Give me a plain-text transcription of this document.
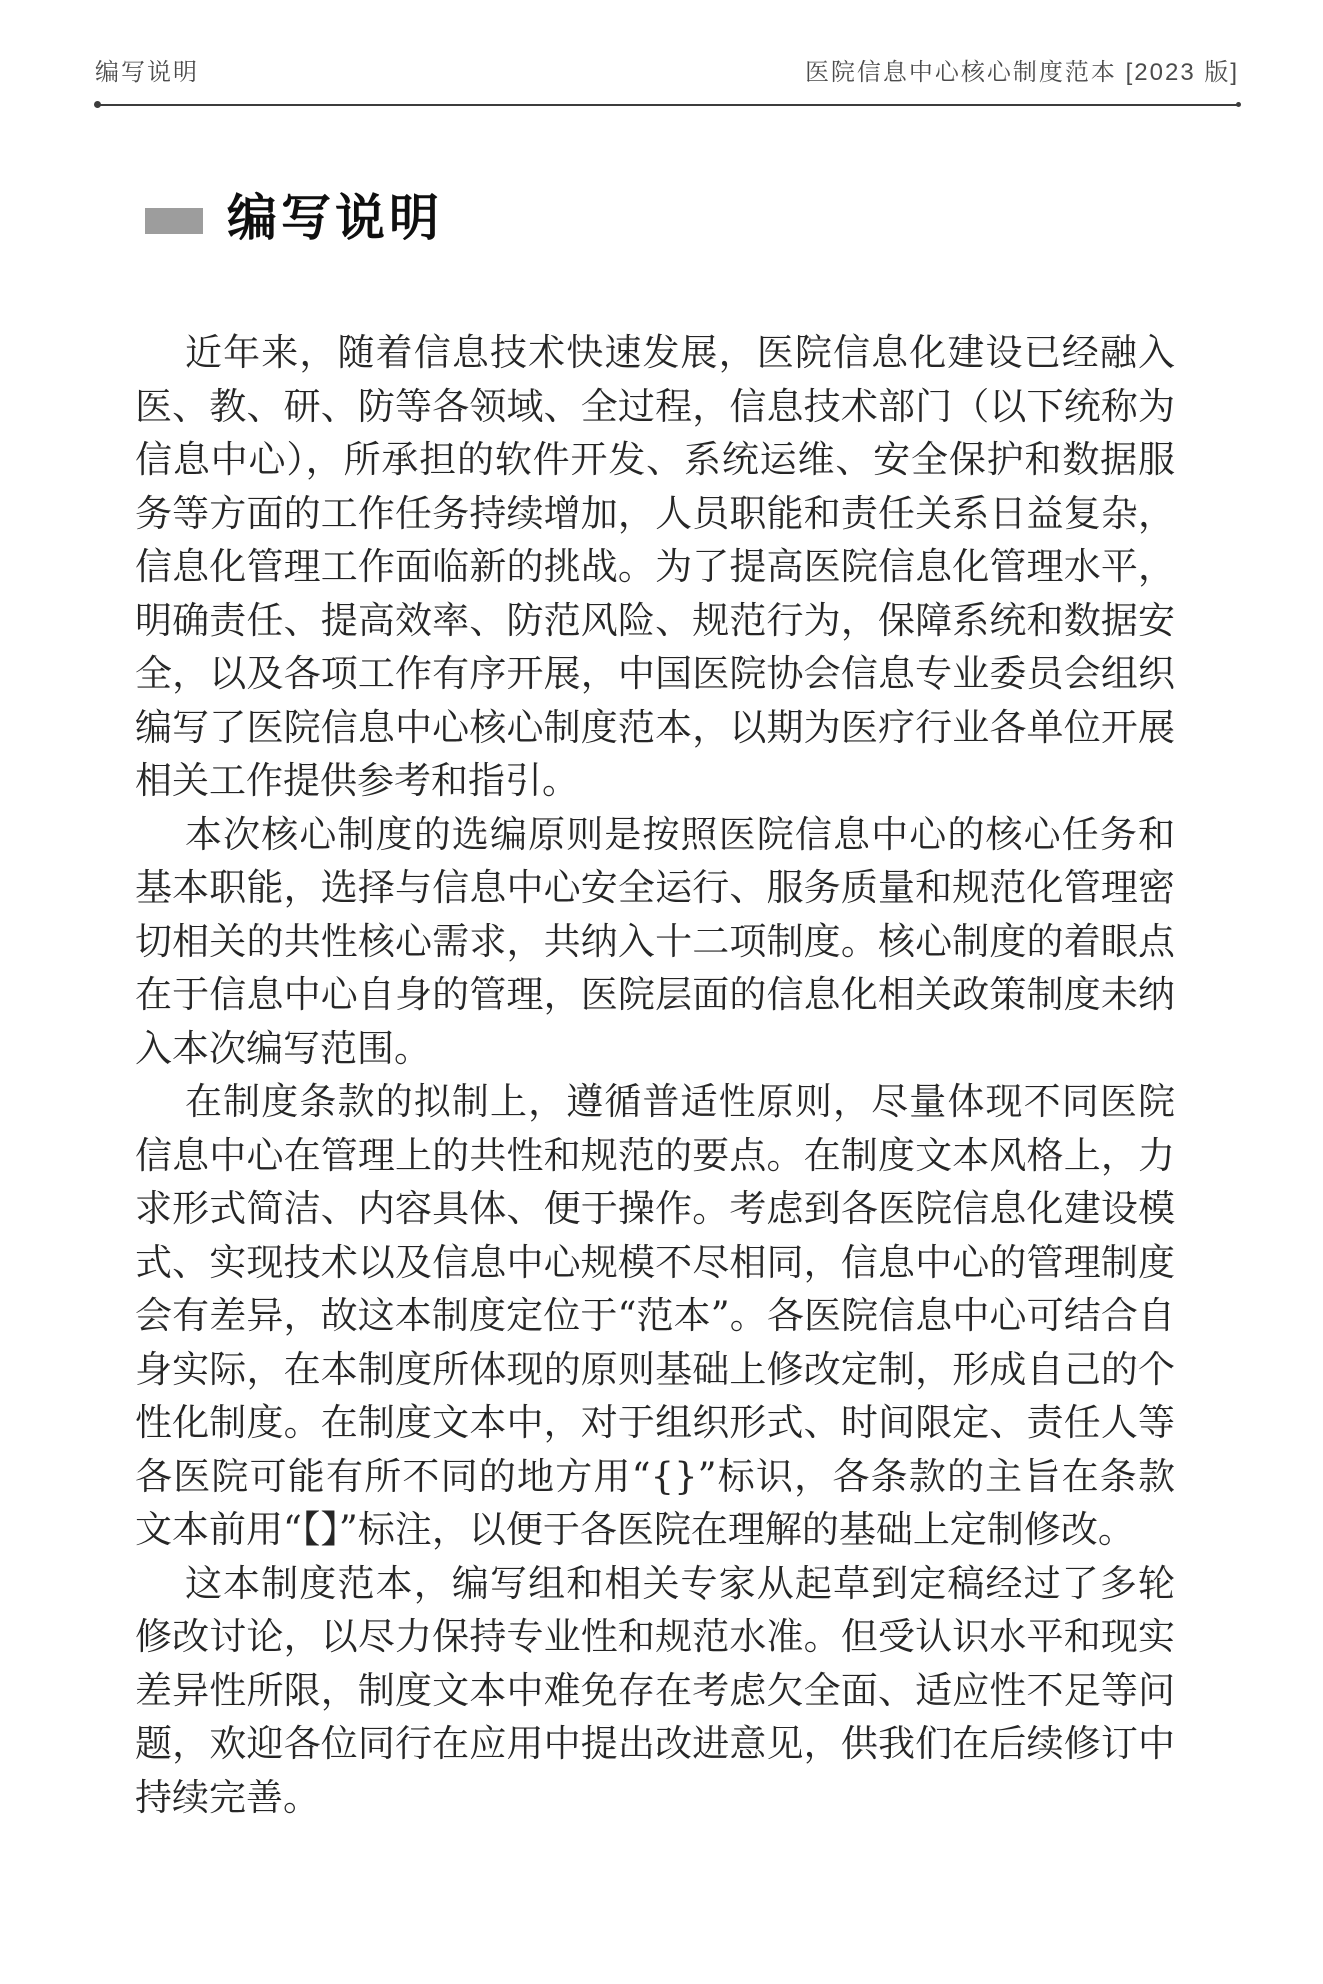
编写说明	医院信息中心核心制度范本 [2023 版]
编写说明

近年来，随着信息技术快速发展，医院信息化建设已经融入医、教、研、防等各领域、全过程，信息技术部门（以下统称为信息中心），所承担的软件开发、系统运维、安全保护和数据服务等方面的工作任务持续增加，人员职能和责任关系日益复杂，信息化管理工作面临新的挑战。为了提高医院信息化管理水平，明确责任、提高效率、防范风险、规范行为，保障系统和数据安全，以及各项工作有序开展，中国医院协会信息专业委员会组织编写了医院信息中心核心制度范本，以期为医疗行业各单位开展相关工作提供参考和指引。

本次核心制度的选编原则是按照医院信息中心的核心任务和基本职能，选择与信息中心安全运行、服务质量和规范化管理密切相关的共性核心需求，共纳入十二项制度。核心制度的着眼点在于信息中心自身的管理，医院层面的信息化相关政策制度未纳入本次编写范围。

在制度条款的拟制上，遵循普适性原则，尽量体现不同医院信息中心在管理上的共性和规范的要点。在制度文本风格上，力求形式简洁、内容具体、便于操作。考虑到各医院信息化建设模式、实现技术以及信息中心规模不尽相同，信息中心的管理制度会有差异，故这本制度定位于“范本”。各医院信息中心可结合自身实际，在本制度所体现的原则基础上修改定制，形成自己的个性化制度。在制度文本中，对于组织形式、时间限定、责任人等各医院可能有所不同的地方用“{}”标识，各条款的主旨在条款文本前用“【】”标注，以便于各医院在理解的基础上定制修改。

这本制度范本，编写组和相关专家从起草到定稿经过了多轮修改讨论，以尽力保持专业性和规范水准。但受认识水平和现实差异性所限，制度文本中难免存在考虑欠全面、适应性不足等问题，欢迎各位同行在应用中提出改进意见，供我们在后续修订中持续完善。
